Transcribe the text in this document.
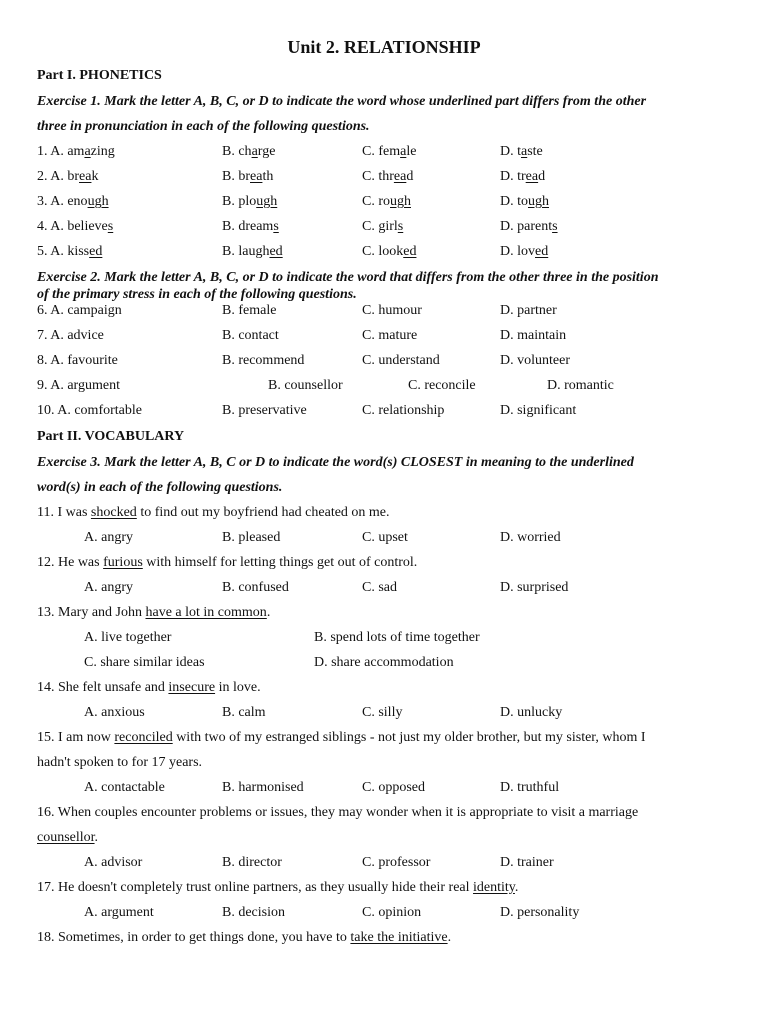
Unit 2. RELATIONSHIP
Part I. PHONETICS
Exercise 1. Mark the letter A, B, C, or D to indicate the word whose underlined part differs from the other
three in pronunciation in each of the following questions.
1. A. amazing	B. charge	C. female	D. taste
2. A. break	B. breath	C. thread	D. tread
3. A. enough	B. plough	C. rough	D. tough
4. A. believes	B. dreams	C. girls	D. parents
5. A. kissed	B. laughed	C. looked	D. loved
Exercise 2. Mark the letter A, B, C, or D to indicate the word that differs from the other three in the position
of the primary stress in each of the following questions.
6. A. campaign	B. female	C. humour	D. partner
7. A. advice	B. contact	C. mature	D. maintain
8. A. favourite	B. recommend	C. understand	D. volunteer
9. A. argument	B. counsellor	C. reconcile	D. romantic
10. A. comfortable	B. preservative	C. relationship	D. significant
Part II. VOCABULARY
Exercise 3. Mark the letter A, B, C or D to indicate the word(s) CLOSEST in meaning to the underlined
word(s) in each of the following questions.
11. I was shocked to find out my boyfriend had cheated on me.
A. angry	B. pleased	C. upset	D. worried
12. He was furious with himself for letting things get out of control.
A. angry	B. confused	C. sad	D. surprised
13. Mary and John have a lot in common.
A. live together	B. spend lots of time together
C. share similar ideas	D. share accommodation
14. She felt unsafe and insecure in love.
A. anxious	B. calm	C. silly	D. unlucky
15. I am now reconciled with two of my estranged siblings - not just my older brother, but my sister, whom I
hadn't spoken to for 17 years.
A. contactable	B. harmonised	C. opposed	D. truthful
16. When couples encounter problems or issues, they may wonder when it is appropriate to visit a marriage
counsellor.
A. advisor	B. director	C. professor	D. trainer
17. He doesn't completely trust online partners, as they usually hide their real identity.
A. argument	B. decision	C. opinion	D. personality
18. Sometimes, in order to get things done, you have to take the initiative.
